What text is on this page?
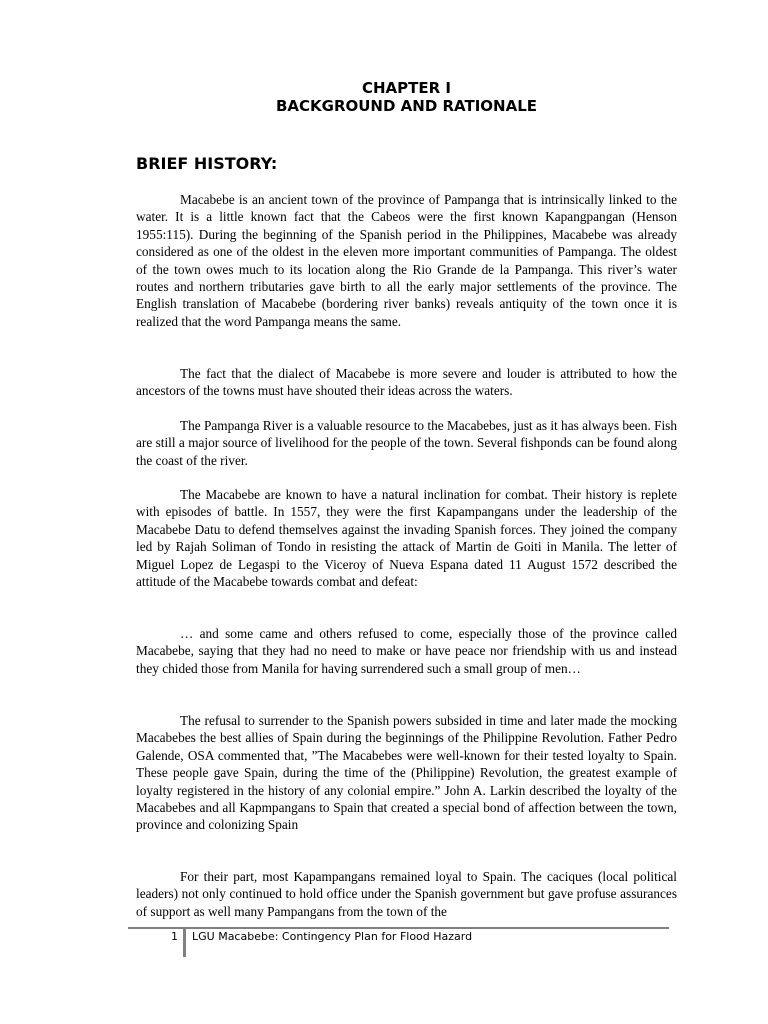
CHAPTER I
BACKGROUND AND RATIONALE
BRIEF HISTORY:

Macabebe is an ancient town of the province of Pampanga that is intrinsically linked to the water. It is a little known fact that the Cabeos were the first known Kapangpangan (Henson 1955:115). During the beginning of the Spanish period in the Philippines, Macabebe was already considered as one of the oldest in the eleven more important communities of Pampanga. The oldest of the town owes much to its location along the Rio Grande de la Pampanga. This river’s water routes and northern tributaries gave birth to all the early major settlements of the province. The English translation of Macabebe (bordering river banks) reveals antiquity of the town once it is realized that the word Pampanga means the same.

The fact that the dialect of Macabebe is more severe and louder is attributed to how the ancestors of the towns must have shouted their ideas across the waters.

The Pampanga River is a valuable resource to the Macabebes, just as it has always been. Fish are still a major source of livelihood for the people of the town. Several fishponds can be found along the coast of the river.

The Macabebe are known to have a natural inclination for combat. Their history is replete with episodes of battle. In 1557, they were the first Kapampangans under the leadership of the Macabebe Datu to defend themselves against the invading Spanish forces. They joined the company led by Rajah Soliman of Tondo in resisting the attack of Martin de Goiti in Manila. The letter of Miguel Lopez de Legaspi to the Viceroy of Nueva Espana dated 11 August 1572 described the attitude of the Macabebe towards combat and defeat:

… and some came and others refused to come, especially those of the province called Macabebe, saying that they had no need to make or have peace nor friendship with us and instead they chided those from Manila for having surrendered such a small group of men…

The refusal to surrender to the Spanish powers subsided in time and later made the mocking Macabebes the best allies of Spain during the beginnings of the Philippine Revolution. Father Pedro Galende, OSA commented that, ”The Macabebes were well-known for their tested loyalty to Spain. These people gave Spain, during the time of the (Philippine) Revolution, the greatest example of loyalty registered in the history of any colonial empire.” John A. Larkin described the loyalty of the Macabebes and all Kapmpangans to Spain that created a special bond of affection between the town, province and colonizing Spain

For their part, most Kapampangans remained loyal to Spain. The caciques (local political leaders) not only continued to hold office under the Spanish government but gave profuse assurances of support as well many Pampangans from the town of the

1 LGU Macabebe: Contingency Plan for Flood Hazard
